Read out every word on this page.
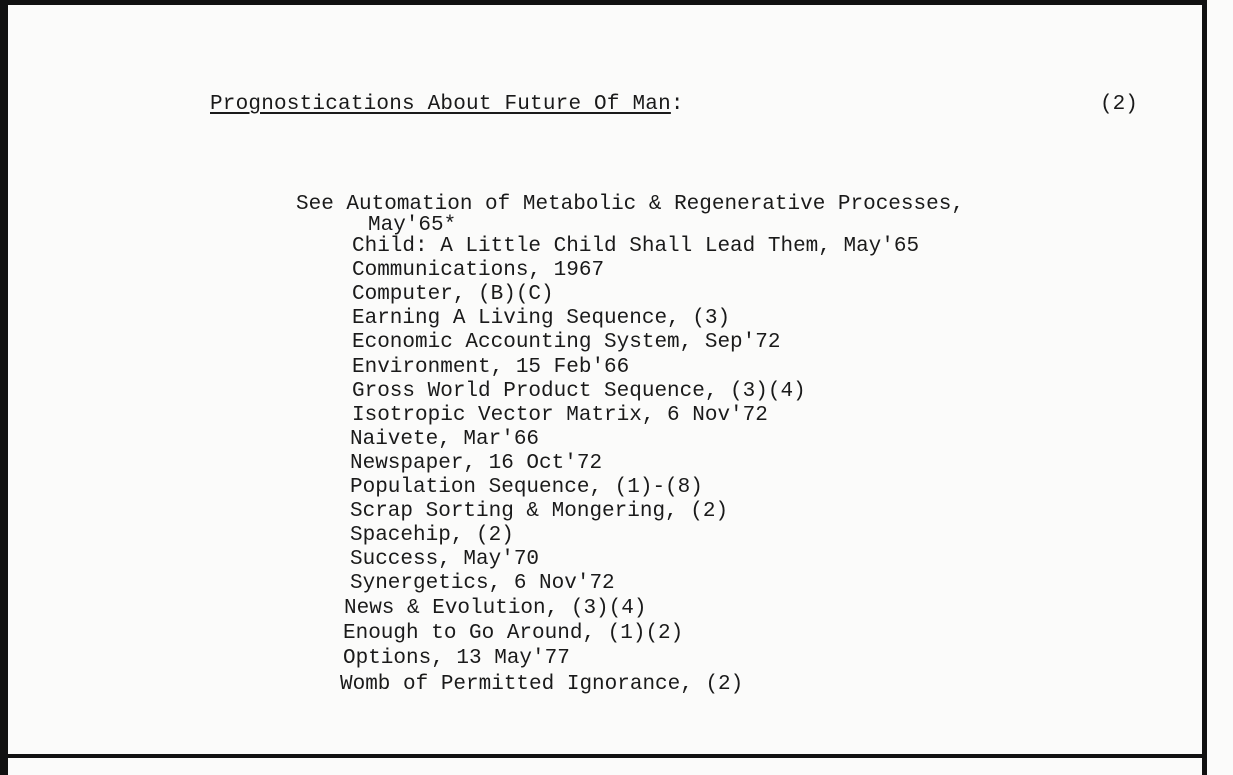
Prognostications About Future Of Man:	(2)
See Automation of Metabolic & Regenerative Processes,
May'65*
Child: A Little Child Shall Lead Them, May'65
Communications, 1967
Computer, (B)(C)
Earning A Living Sequence, (3)
Economic Accounting System, Sep'72
Environment, 15 Feb'66
Gross World Product Sequence, (3)(4)
Isotropic Vector Matrix, 6 Nov'72
Naivete, Mar'66
Newspaper, 16 Oct'72
Population Sequence, (1)-(8)
Scrap Sorting & Mongering, (2)
Spacehip, (2)
Success, May'70
Synergetics, 6 Nov'72
News & Evolution, (3)(4)
Enough to Go Around, (1)(2)
Options, 13 May'77
Womb of Permitted Ignorance, (2)
